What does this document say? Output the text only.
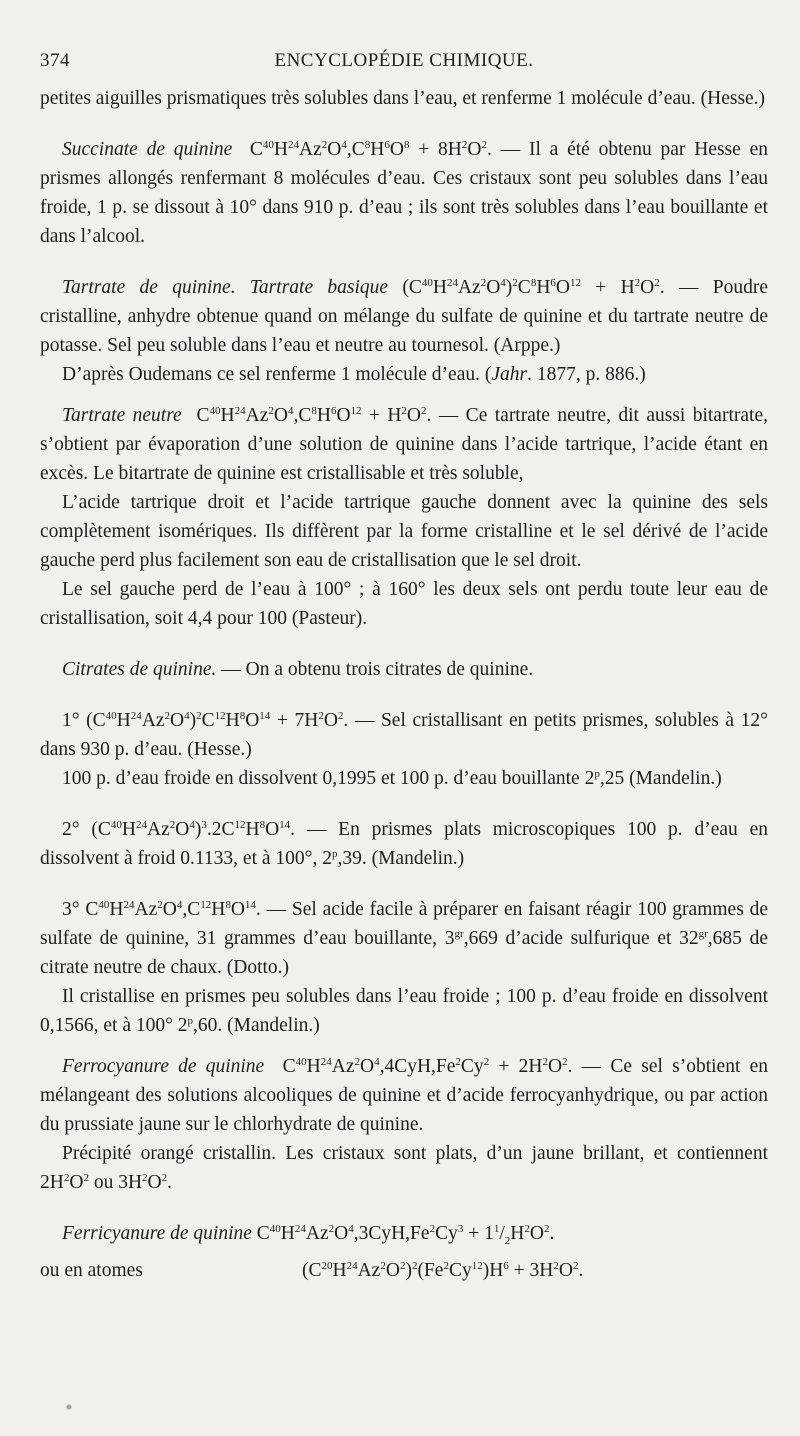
374	ENCYCLOPÉDIE CHIMIQUE.

petites aiguilles prismatiques très solubles dans l’eau, et renferme 1 molécule d’eau. (Hesse.)

Succinate de quinine $C^{40}H^{24}Az^2O^4,C^8H^6O^8 + 8H^2O^2$. — Il a été obtenu par Hesse en prismes allongés renfermant 8 molécules d’eau. Ces cristaux sont peu solubles dans l’eau froide, 1 p. se dissout à 10° dans 910 p. d’eau ; ils sont très solubles dans l’eau bouillante et dans l’alcool.

Tartrate de quinine. Tartrate basique $(C^{40}H^{24}Az^2O^4)^2C^8H^6O^{12} + H^2O^2$. — Poudre cristalline, anhydre obtenue quand on mélange du sulfate de quinine et du tartrate neutre de potasse. Sel peu soluble dans l’eau et neutre au tournesol. (Arppe.)

D’après Oudemans ce sel renferme 1 molécule d’eau. (Jahr. 1877, p. 886.)

Tartrate neutre $C^{40}H^{24}Az^2O^4,C^8H^6O^{12} + H^2O^2$. — Ce tartrate neutre, dit aussi bitartrate, s’obtient par évaporation d’une solution de quinine dans l’acide tartrique, l’acide étant en excès. Le bitartrate de quinine est cristallisable et très soluble,

L’acide tartrique droit et l’acide tartrique gauche donnent avec la quinine des sels complètement isomériques. Ils diffèrent par la forme cristalline et le sel dérivé de l’acide gauche perd plus facilement son eau de cristallisation que le sel droit.

Le sel gauche perd de l’eau à 100° ; à 160° les deux sels ont perdu toute leur eau de cristallisation, soit 4,4 pour 100 (Pasteur).

Citrates de quinine. — On a obtenu trois citrates de quinine.

1° $(C^{40}H^{24}Az^2O^4)^2C^{12}H^8O^{14} + 7H^2O^2$. — Sel cristallisant en petits prismes, solubles à 12° dans 930 p. d’eau. (Hesse.)

100 p. d’eau froide en dissolvent 0,1995 et 100 p. d’eau bouillante 2$^p$,25 (Mandelin.)

2° $(C^{40}H^{24}Az^2O^4)^3.2C^{12}H^8O^{14}$. — En prismes plats microscopiques 100 p. d’eau en dissolvent à froid 0.1133, et à 100°, 2$^p$,39. (Mandelin.)

3° $C^{40}H^{24}Az^2O^4,C^{12}H^8O^{14}$. — Sel acide facile à préparer en faisant réagir 100 grammes de sulfate de quinine, 31 grammes d’eau bouillante, $3^{gr},669$ d’acide sulfurique et $32^{gr},685$ de citrate neutre de chaux. (Dotto.)

Il cristallise en prismes peu solubles dans l’eau froide ; 100 p. d’eau froide en dissolvent 0,1566, et à 100° 2$^p$,60. (Mandelin.)

Ferrocyanure de quinine $C^{40}H^{24}Az^2O^4,4CyH,Fe^2Cy^2 + 2H^2O^2$. — Ce sel s’obtient en mélangeant des solutions alcooliques de quinine et d’acide ferrocyanhydrique, ou par action du prussiate jaune sur le chlorhydrate de quinine.

Précipité orangé cristallin. Les cristaux sont plats, d’un jaune brillant, et contiennent $2H^2O^2$ ou $3H^2O^2$.

Ferricyanure de quinine $C^{40}H^{24}Az^2O^4,3CyH,Fe^2Cy^3 + 1^1/_2H^2O^2$.

ou en atomes	$(C^{20}H^{24}Az^2O^2)^2(Fe^2Cy^{12})H^6 + 3H^2O^2$.
